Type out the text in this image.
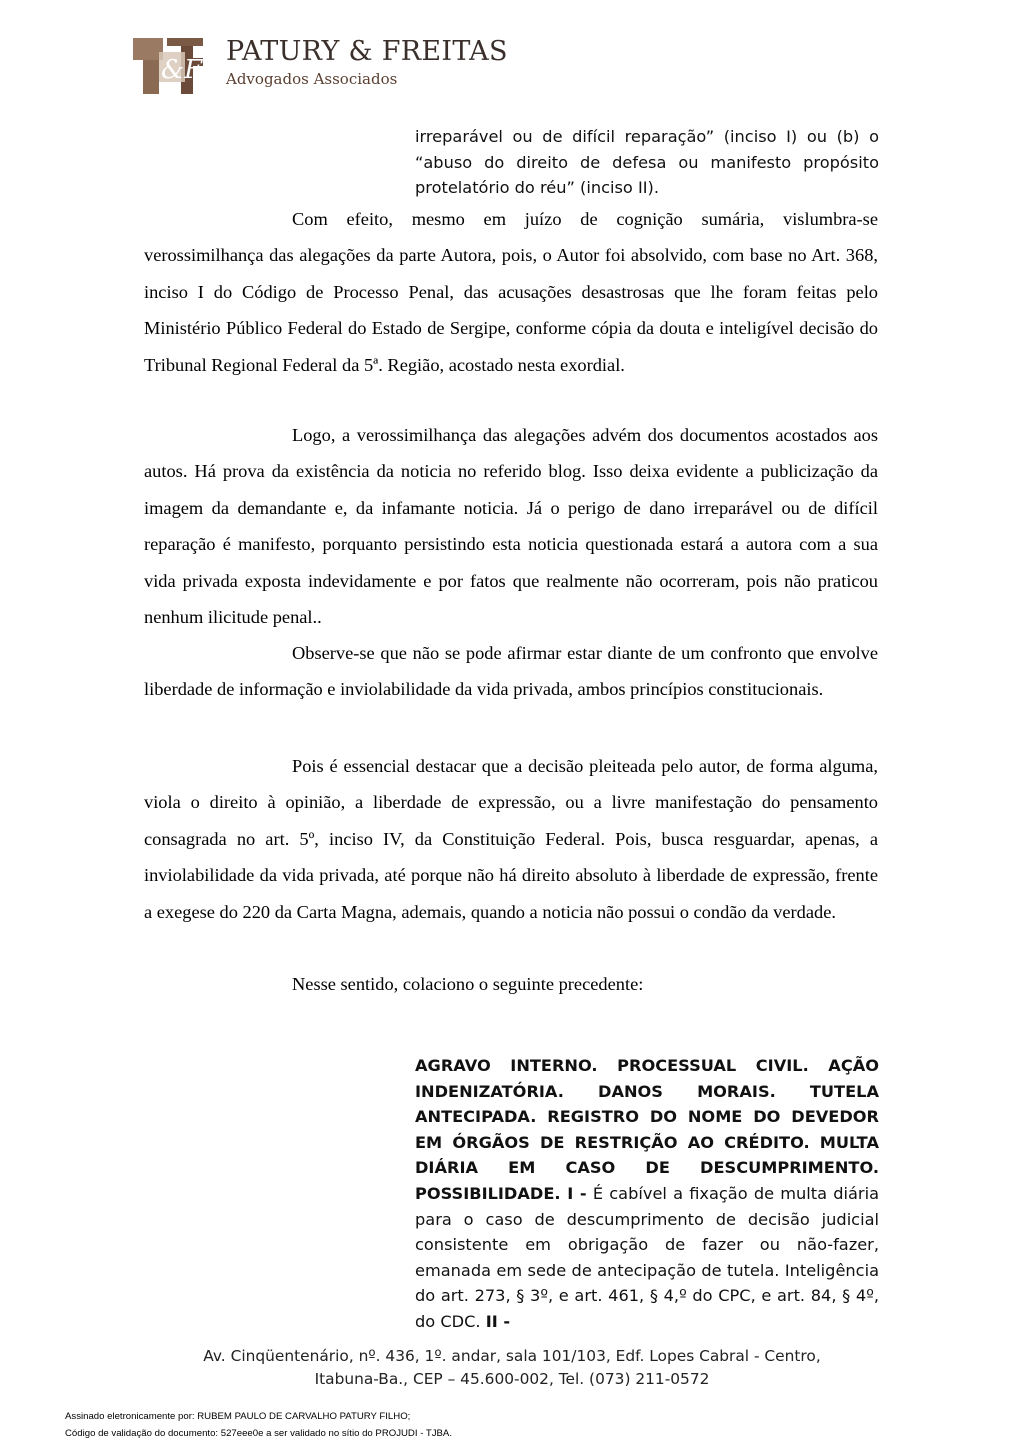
&F
PATURY & FREITAS
Advogados Associados
irreparável ou de difícil reparação” (inciso I) ou (b) o “abuso do direito de defesa ou manifesto propósito protelatório do réu” (inciso II).

Com efeito, mesmo em juízo de cognição sumária, vislumbra-se verossimilhança das alegações da parte Autora, pois, o Autor foi absolvido, com base no Art. 368, inciso I do Código de Processo Penal, das acusações desastrosas que lhe foram feitas pelo Ministério Público Federal do Estado de Sergipe, conforme cópia da douta e inteligível decisão do Tribunal Regional Federal da 5ª. Região, acostado nesta exordial.

Logo, a verossimilhança das alegações advém dos documentos acostados aos autos. Há prova da existência da noticia no referido blog. Isso deixa evidente a publicização da imagem da demandante e, da infamante noticia. Já o perigo de dano irreparável ou de difícil reparação é manifesto, porquanto persistindo esta noticia questionada estará a autora com a sua vida privada exposta indevidamente e por fatos que realmente não ocorreram, pois não praticou nenhum ilicitude penal..

Observe-se que não se pode afirmar estar diante de um confronto que envolve liberdade de informação e inviolabilidade da vida privada, ambos princípios constitucionais.

Pois é essencial destacar que a decisão pleiteada pelo autor, de forma alguma, viola o direito à opinião, a liberdade de expressão, ou a livre manifestação do pensamento consagrada no art. 5º, inciso IV, da Constituição Federal. Pois, busca resguardar, apenas, a inviolabilidade da vida privada, até porque não há direito absoluto à liberdade de expressão, frente a exegese do 220 da Carta Magna, ademais, quando a noticia não possui o condão da verdade.

Nesse sentido, colaciono o seguinte precedente:

AGRAVO INTERNO. PROCESSUAL CIVIL. AÇÃO INDENIZATÓRIA. DANOS MORAIS. TUTELA ANTECIPADA. REGISTRO DO NOME DO DEVEDOR EM ÓRGÃOS DE RESTRIÇÃO AO CRÉDITO. MULTA DIÁRIA EM CASO DE DESCUMPRIMENTO. POSSIBILIDADE. I - É cabível a fixação de multa diária para o caso de descumprimento de decisão judicial consistente em obrigação de fazer ou não-fazer, emanada em sede de antecipação de tutela. Inteligência do art. 273, § 3º, e art. 461, § 4,º do CPC, e art. 84, § 4º, do CDC. II -
Av. Cinqüentenário, nº. 436, 1º. andar, sala 101/103, Edf. Lopes Cabral - Centro,
Itabuna-Ba., CEP – 45.600-002, Tel. (073) 211-0572
Assinado eletronicamente por: RUBEM PAULO DE CARVALHO PATURY FILHO;
Código de validação do documento: 527eee0e a ser validado no sítio do PROJUDI - TJBA.
